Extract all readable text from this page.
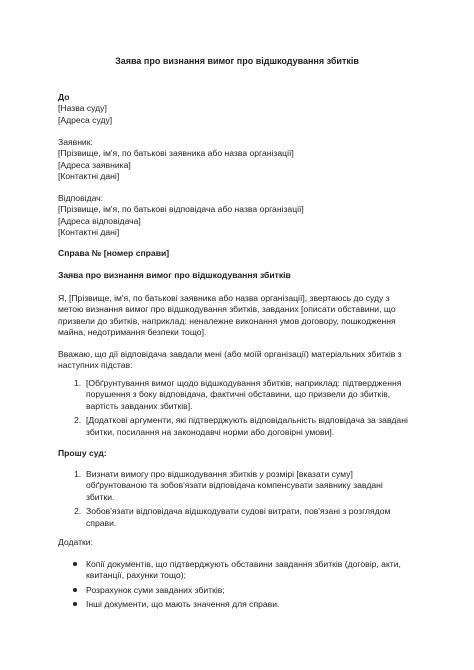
Заява про визнання вимог про відшкодування збитків
До
[Назва суду]
[Адреса суду]
Заявник:
[Прізвище, ім'я, по батькові заявника або назва організації]
[Адреса заявника]
[Контактні дані]
Відповідач:
[Прізвище, ім'я, по батькові відповідача або назва організації]
[Адреса відповідача]
[Контактні дані]
Справа № [номер справи]
Заява про визнання вимог про відшкодування збитків
Я, [Прізвище, ім'я, по батькові заявника або назва організації], звертаюсь до суду з
метою визнання вимог про відшкодування збитків, завданих [описати обставини, що
призвели до збитків, наприклад: неналежне виконання умов договору, пошкодження
майна, недотримання безпеки тощо].
Вважаю, що дії відповідача завдали мені (або моїй організації) матеріальних збитків з
наступних підстав:
1. [Обґрунтування вимог щодо відшкодування збитків, наприклад: підтвердження
порушення з боку відповідача, фактичні обставини, що призвели до збитків,
вартість завданих збитків].
2. [Додаткові аргументи, які підтверджують відповідальність відповідача за завдані
збитки, посилання на законодавчі норми або договірні умови].
Прошу суд:
1. Визнати вимогу про відшкодування збитків у розмірі [вказати суму]
обґрунтованою та зобов'язати відповідача компенсувати заявнику завдані
збитки.
2. Зобов'язати відповідача відшкодувати судові витрати, пов'язані з розглядом
справи.
Додатки:
Копії документів, що підтверджують обставини завдання збитків (договір, акти,
квитанції, рахунки тощо);
Розрахунок суми завданих збитків;
Інші документи, що мають значення для справи.
